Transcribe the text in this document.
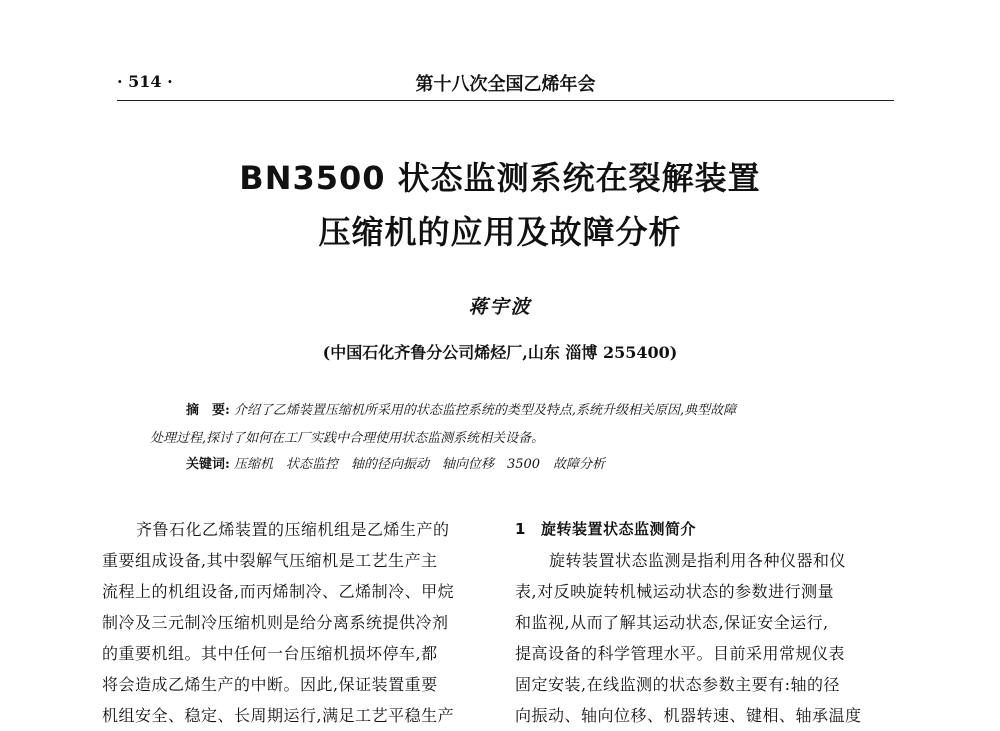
· 514 ·	第十八次全国乙烯年会
BN3500 状态监测系统在裂解装置
压缩机的应用及故障分析
蒋宇波
(中国石化齐鲁分公司烯烃厂,山东 淄博 255400)
摘　要: 介绍了乙烯装置压缩机所采用的状态监控系统的类型及特点,系统升级相关原因,典型故障
处理过程,探讨了如何在工厂实践中合理使用状态监测系统相关设备。
关键词: 压缩机　状态监控　轴的径向振动　轴向位移　3500　故障分析
齐鲁石化乙烯装置的压缩机组是乙烯生产的
重要组成设备,其中裂解气压缩机是工艺生产主
流程上的机组设备,而丙烯制冷、乙烯制冷、甲烷
制冷及三元制冷压缩机则是给分离系统提供冷剂
的重要机组。其中任何一台压缩机损坏停车,都
将会造成乙烯生产的中断。因此,保证装置重要
机组安全、稳定、长周期运行,满足工艺平稳生产
1 旋转装置状态监测简介
旋转装置状态监测是指利用各种仪器和仪
表,对反映旋转机械运动状态的参数进行测量
和监视,从而了解其运动状态,保证安全运行,
提高设备的科学管理水平。目前采用常规仪表
固定安装,在线监测的状态参数主要有:轴的径
向振动、轴向位移、机器转速、键相、轴承温度
